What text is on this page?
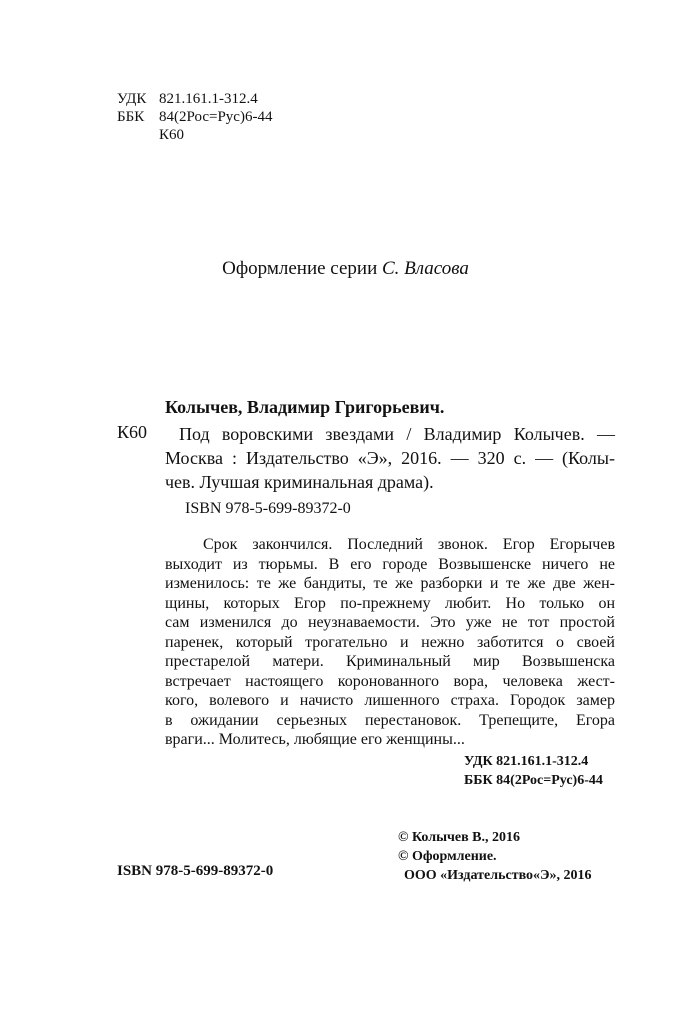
УДК 821.161.1-312.4
ББК 84(2Рос=Рус)6-44
К60
Оформление серии С. Власова
Колычев, Владимир Григорьевич.
К60	Под воровскими звездами / Владимир Колычев. —
Москва : Издательство «Э», 2016. — 320 с. — (Колы-
чев. Лучшая криминальная драма).
ISBN 978-5-699-89372-0
Срок закончился. Последний звонок. Егор Егорычев
выходит из тюрьмы. В его городе Возвышенске ничего не
изменилось: те же бандиты, те же разборки и те же две жен-
щины, которых Егор по-прежнему любит. Но только он
сам изменился до неузнаваемости. Это уже не тот простой
паренек, который трогательно и нежно заботится о своей
престарелой матери. Криминальный мир Возвышенска
встречает настоящего коронованного вора, человека жест-
кого, волевого и начисто лишенного страха. Городок замер
в ожидании серьезных перестановок. Трепещите, Егора
враги... Молитесь, любящие его женщины...
УДК 821.161.1-312.4
ББК 84(2Рос=Рус)6-44
© Колычев В., 2016
© Оформление.
ООО «Издательство«Э», 2016
ISBN 978-5-699-89372-0
